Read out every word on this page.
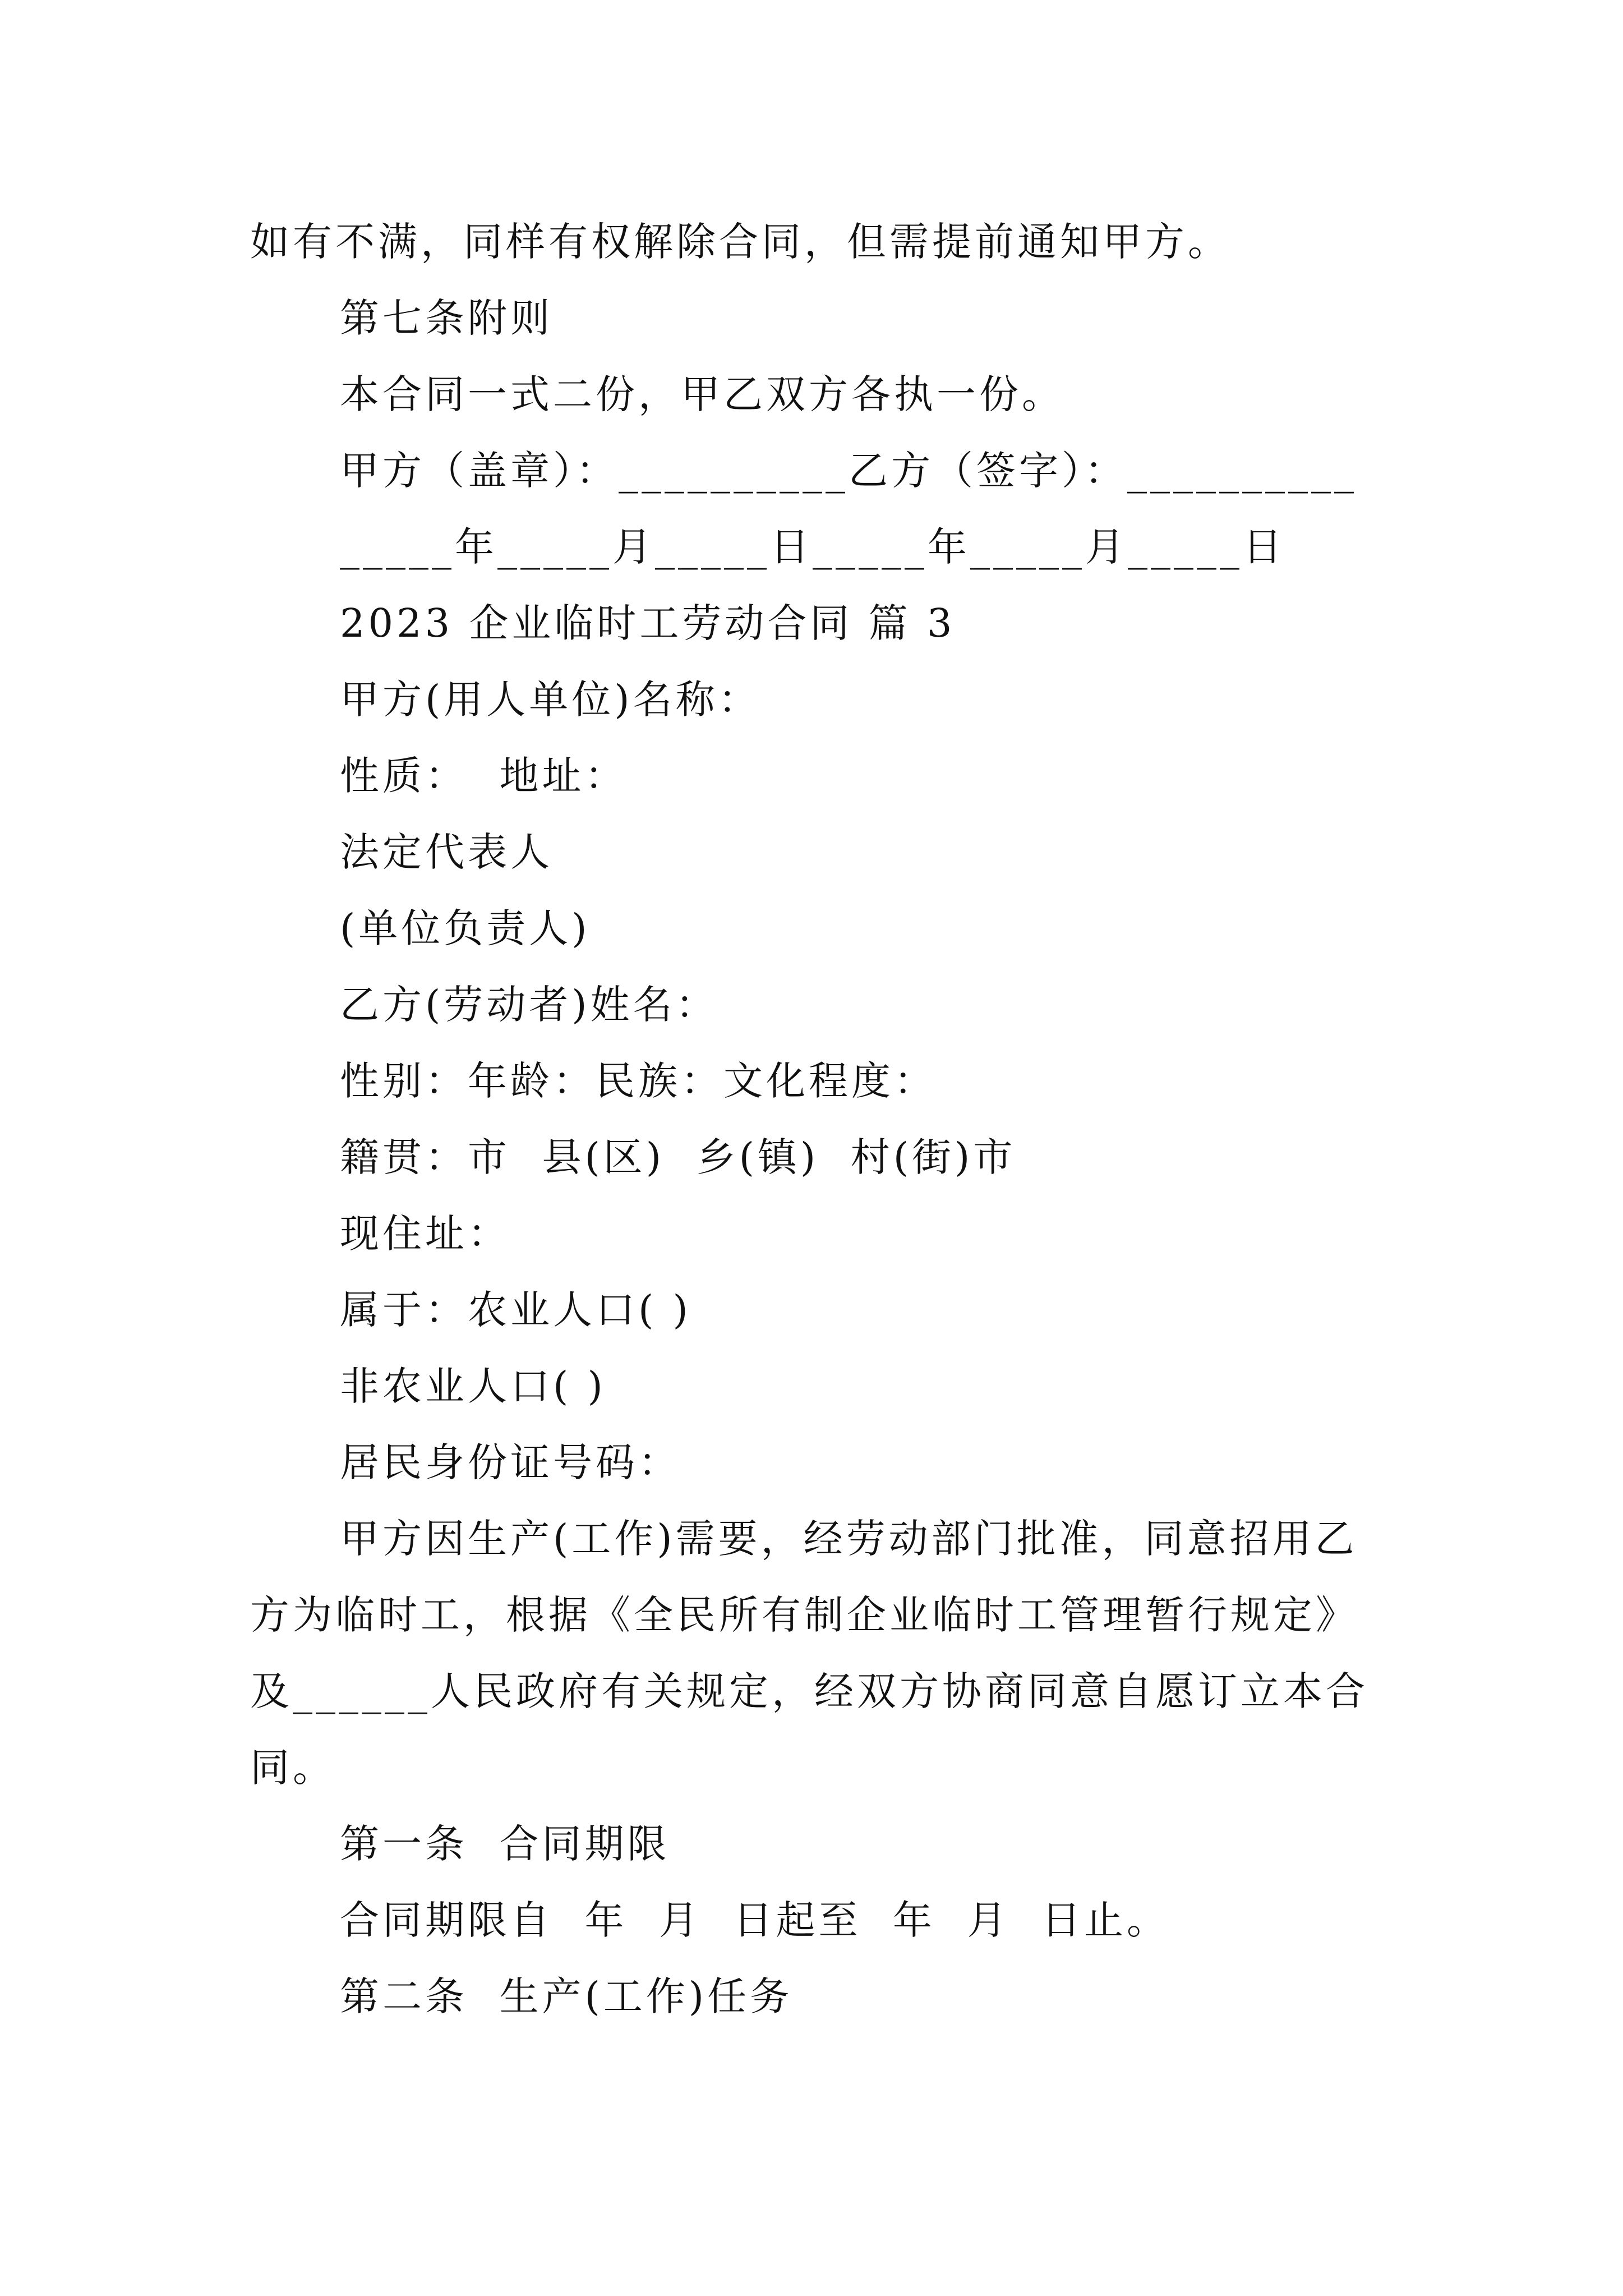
如有不满，同样有权解除合同，但需提前通知甲方。
第七条附则
本合同一式二份，甲乙双方各执一份。
甲方（盖章）：__________乙方（签字）：__________
_____年_____月_____日_____年_____月_____日
2023 企业临时工劳动合同 篇 3
甲方(用人单位)名称：
性质：  地址：
法定代表人
(单位负责人)
乙方(劳动者)姓名：
性别：年龄：民族：文化程度：
籍贯：市  县(区)  乡(镇)  村(街)市
现住址：
属于：农业人口( )
非农业人口( )
居民身份证号码：
甲方因生产(工作)需要，经劳动部门批准，同意招用乙
方为临时工，根据《全民所有制企业临时工管理暂行规定》
及______人民政府有关规定，经双方协商同意自愿订立本合
同。
第一条  合同期限
合同期限自  年  月  日起至  年  月  日止。
第二条  生产(工作)任务
